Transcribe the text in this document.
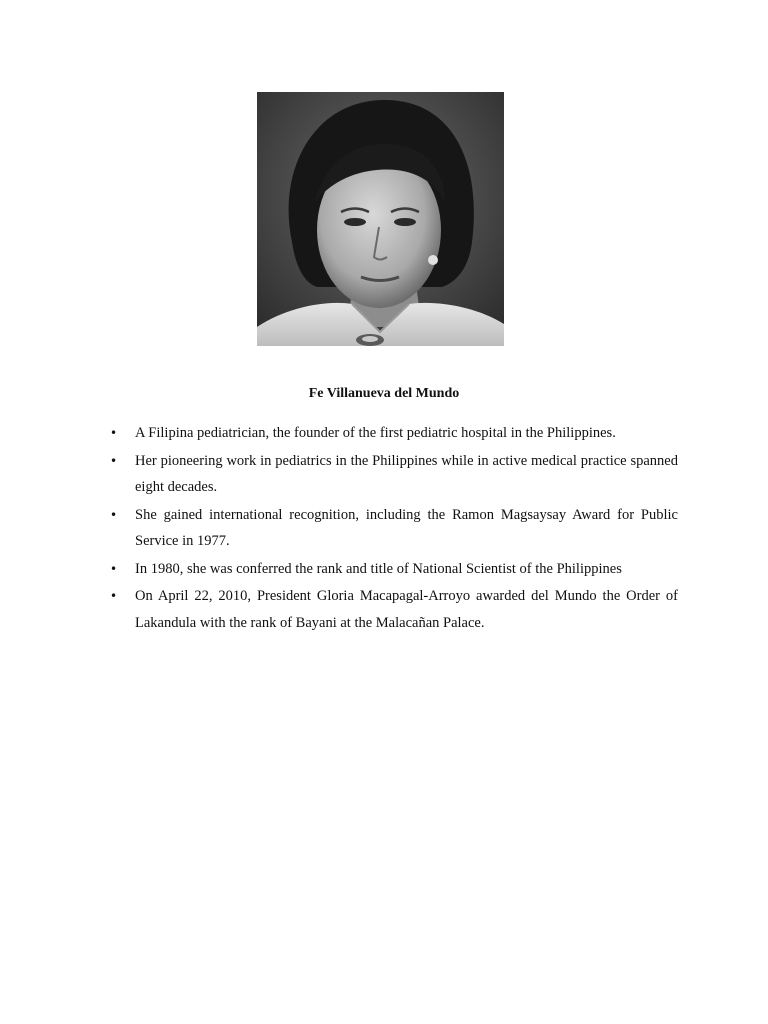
Fe Villanueva del Mundo
•	A Filipina pediatrician, the founder of the first pediatric hospital in the Philippines.
•	Her pioneering work in pediatrics in the Philippines while in active medical practice spanned eight decades.
•	She gained international recognition, including the Ramon Magsaysay Award for Public Service in 1977.
•	In 1980, she was conferred the rank and title of National Scientist of the Philippines
•	On April 22, 2010, President Gloria Macapagal-Arroyo awarded del Mundo the Order of Lakandula with the rank of Bayani at the Malacañan Palace.
